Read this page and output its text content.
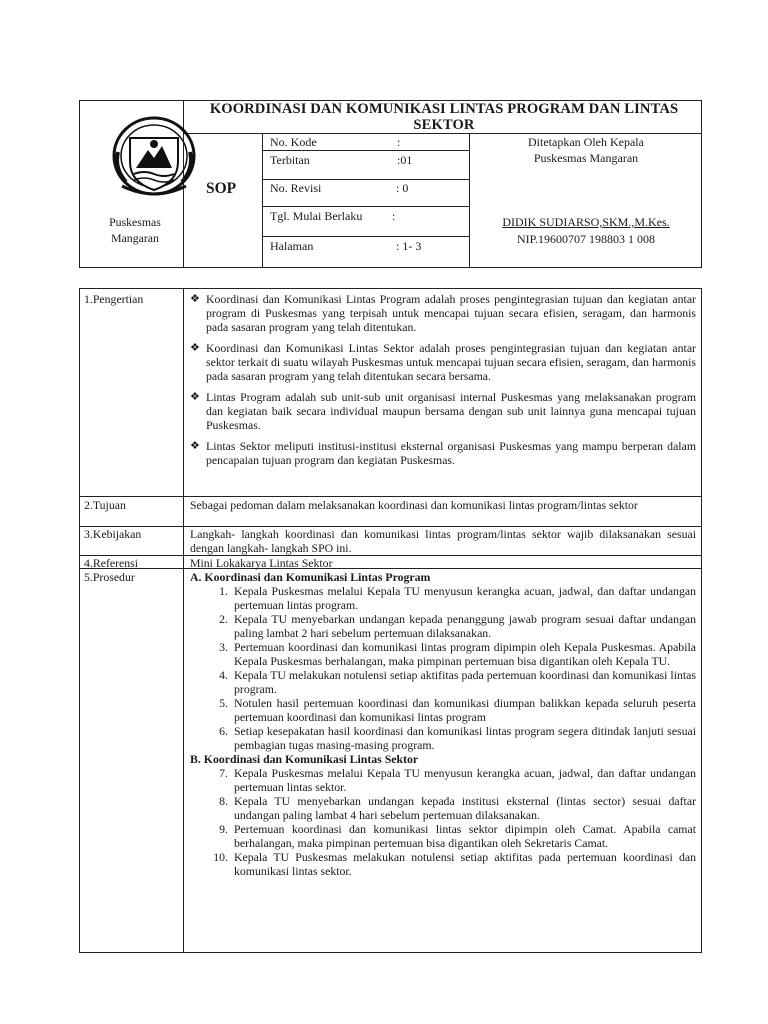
KOORDINASI DAN KOMUNIKASI LINTAS PROGRAM DAN LINTAS SEKTOR
Puskesmas
Mangaran
SOP
No. Kode	:
Terbitan	:01
No. Revisi	: 0
Tgl. Mulai Berlaku :
Halaman	: 1- 3
Ditetapkan Oleh Kepala
Puskesmas Mangaran
DIDIK SUDIARSO,SKM.,M.Kes.
NIP.19600707 198803 1 008
1.Pengertian	❖ Koordinasi dan Komunikasi Lintas Program adalah proses pengintegrasian tujuan dan kegiatan antar program di Puskesmas yang terpisah untuk mencapai tujuan secara efisien, seragam, dan harmonis pada sasaran program yang telah ditentukan.
❖ Koordinasi dan Komunikasi Lintas Sektor adalah proses pengintegrasian tujuan dan kegiatan antar sektor terkait di suatu wilayah Puskesmas untuk mencapai tujuan secara efisien, seragam, dan harmonis pada sasaran program yang telah ditentukan secara bersama.
❖ Lintas Program adalah sub unit-sub unit organisasi internal Puskesmas yang melaksanakan program dan kegiatan baik secara individual maupun bersama dengan sub unit lainnya guna mencapai tujuan Puskesmas.
❖ Lintas Sektor meliputi institusi-institusi eksternal organisasi Puskesmas yang mampu berperan dalam pencapaian tujuan program dan kegiatan Puskesmas.
2.Tujuan	Sebagai pedoman dalam melaksanakan koordinasi dan komunikasi lintas program/lintas sektor
3.Kebijakan	Langkah- langkah koordinasi dan komunikasi lintas program/lintas sektor wajib dilaksanakan sesuai dengan langkah- langkah SPO ini.
4.Referensi	Mini Lokakarya Lintas Sektor
5.Prosedur	A. Koordinasi dan Komunikasi Lintas Program
1. Kepala Puskesmas melalui Kepala TU menyusun kerangka acuan, jadwal, dan daftar undangan pertemuan lintas program.
2. Kepala TU menyebarkan undangan kepada penanggung jawab program sesuai daftar undangan paling lambat 2 hari sebelum pertemuan dilaksanakan.
3. Pertemuan koordinasi dan komunikasi lintas program dipimpin oleh Kepala Puskesmas. Apabila Kepala Puskesmas berhalangan, maka pimpinan pertemuan bisa digantikan oleh Kepala TU.
4. Kepala TU melakukan notulensi setiap aktifitas pada pertemuan koordinasi dan komunikasi lintas program.
5. Notulen hasil pertemuan koordinasi dan komunikasi diumpan balikkan kepada seluruh peserta pertemuan koordinasi dan komunikasi lintas program
6. Setiap kesepakatan hasil koordinasi dan komunikasi lintas program segera ditindak lanjuti sesuai pembagian tugas masing-masing program.
B. Koordinasi dan Komunikasi Lintas Sektor
7. Kepala Puskesmas melalui Kepala TU menyusun kerangka acuan, jadwal, dan daftar undangan pertemuan lintas sektor.
8. Kepala TU menyebarkan undangan kepada institusi eksternal (lintas sector) sesuai daftar undangan paling lambat 4 hari sebelum pertemuan dilaksanakan.
9. Pertemuan koordinasi dan komunikasi lintas sektor dipimpin oleh Camat. Apabila camat berhalangan, maka pimpinan pertemuan bisa digantikan oleh Sekretaris Camat.
10. Kepala TU Puskesmas melakukan notulensi setiap aktifitas pada pertemuan koordinasi dan komunikasi lintas sektor.
